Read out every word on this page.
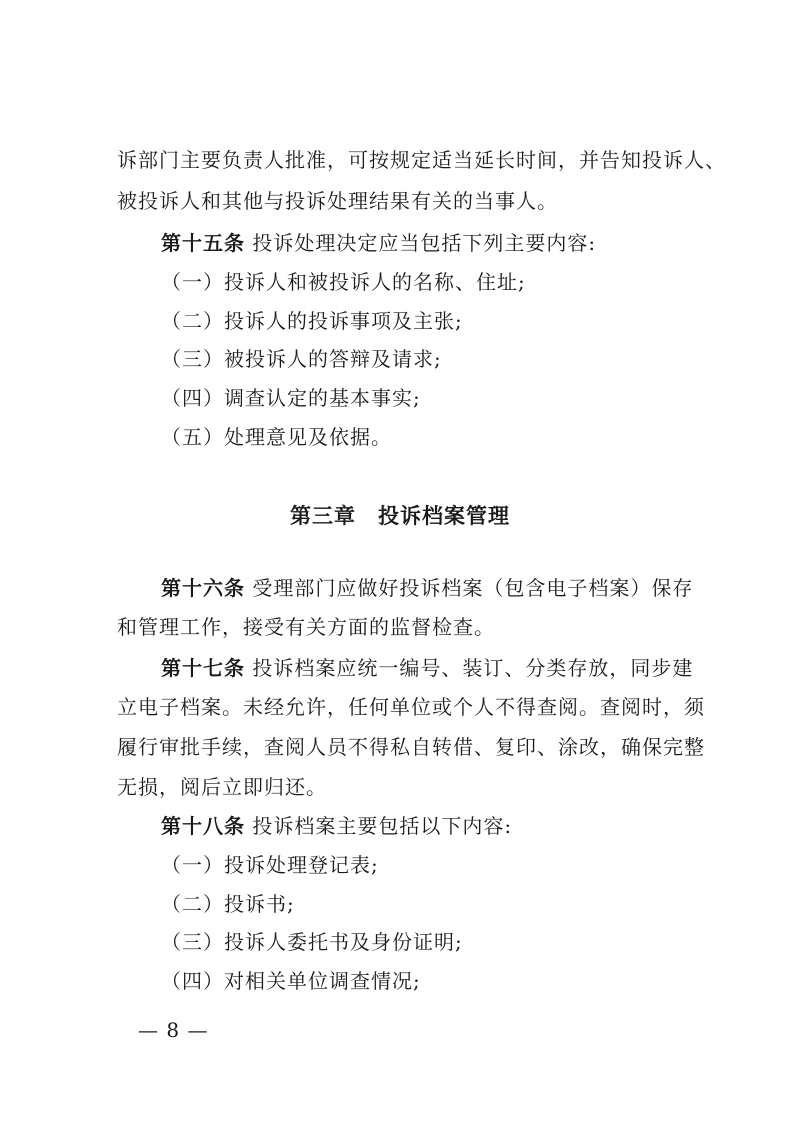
诉部门主要负责人批准，可按规定适当延长时间，并告知投诉人、
被投诉人和其他与投诉处理结果有关的当事人。
第十五条 投诉处理决定应当包括下列主要内容:
（一）投诉人和被投诉人的名称、住址;
（二）投诉人的投诉事项及主张;
（三）被投诉人的答辩及请求;
（四）调查认定的基本事实;
（五）处理意见及依据。
第三章　投诉档案管理
第十六条 受理部门应做好投诉档案（包含电子档案）保存
和管理工作，接受有关方面的监督检查。
第十七条 投诉档案应统一编号、装订、分类存放，同步建
立电子档案。未经允许，任何单位或个人不得查阅。查阅时，须
履行审批手续，查阅人员不得私自转借、复印、涂改，确保完整
无损，阅后立即归还。
第十八条 投诉档案主要包括以下内容:
（一）投诉处理登记表;
（二）投诉书;
（三）投诉人委托书及身份证明;
（四）对相关单位调查情况;
— 8 —
